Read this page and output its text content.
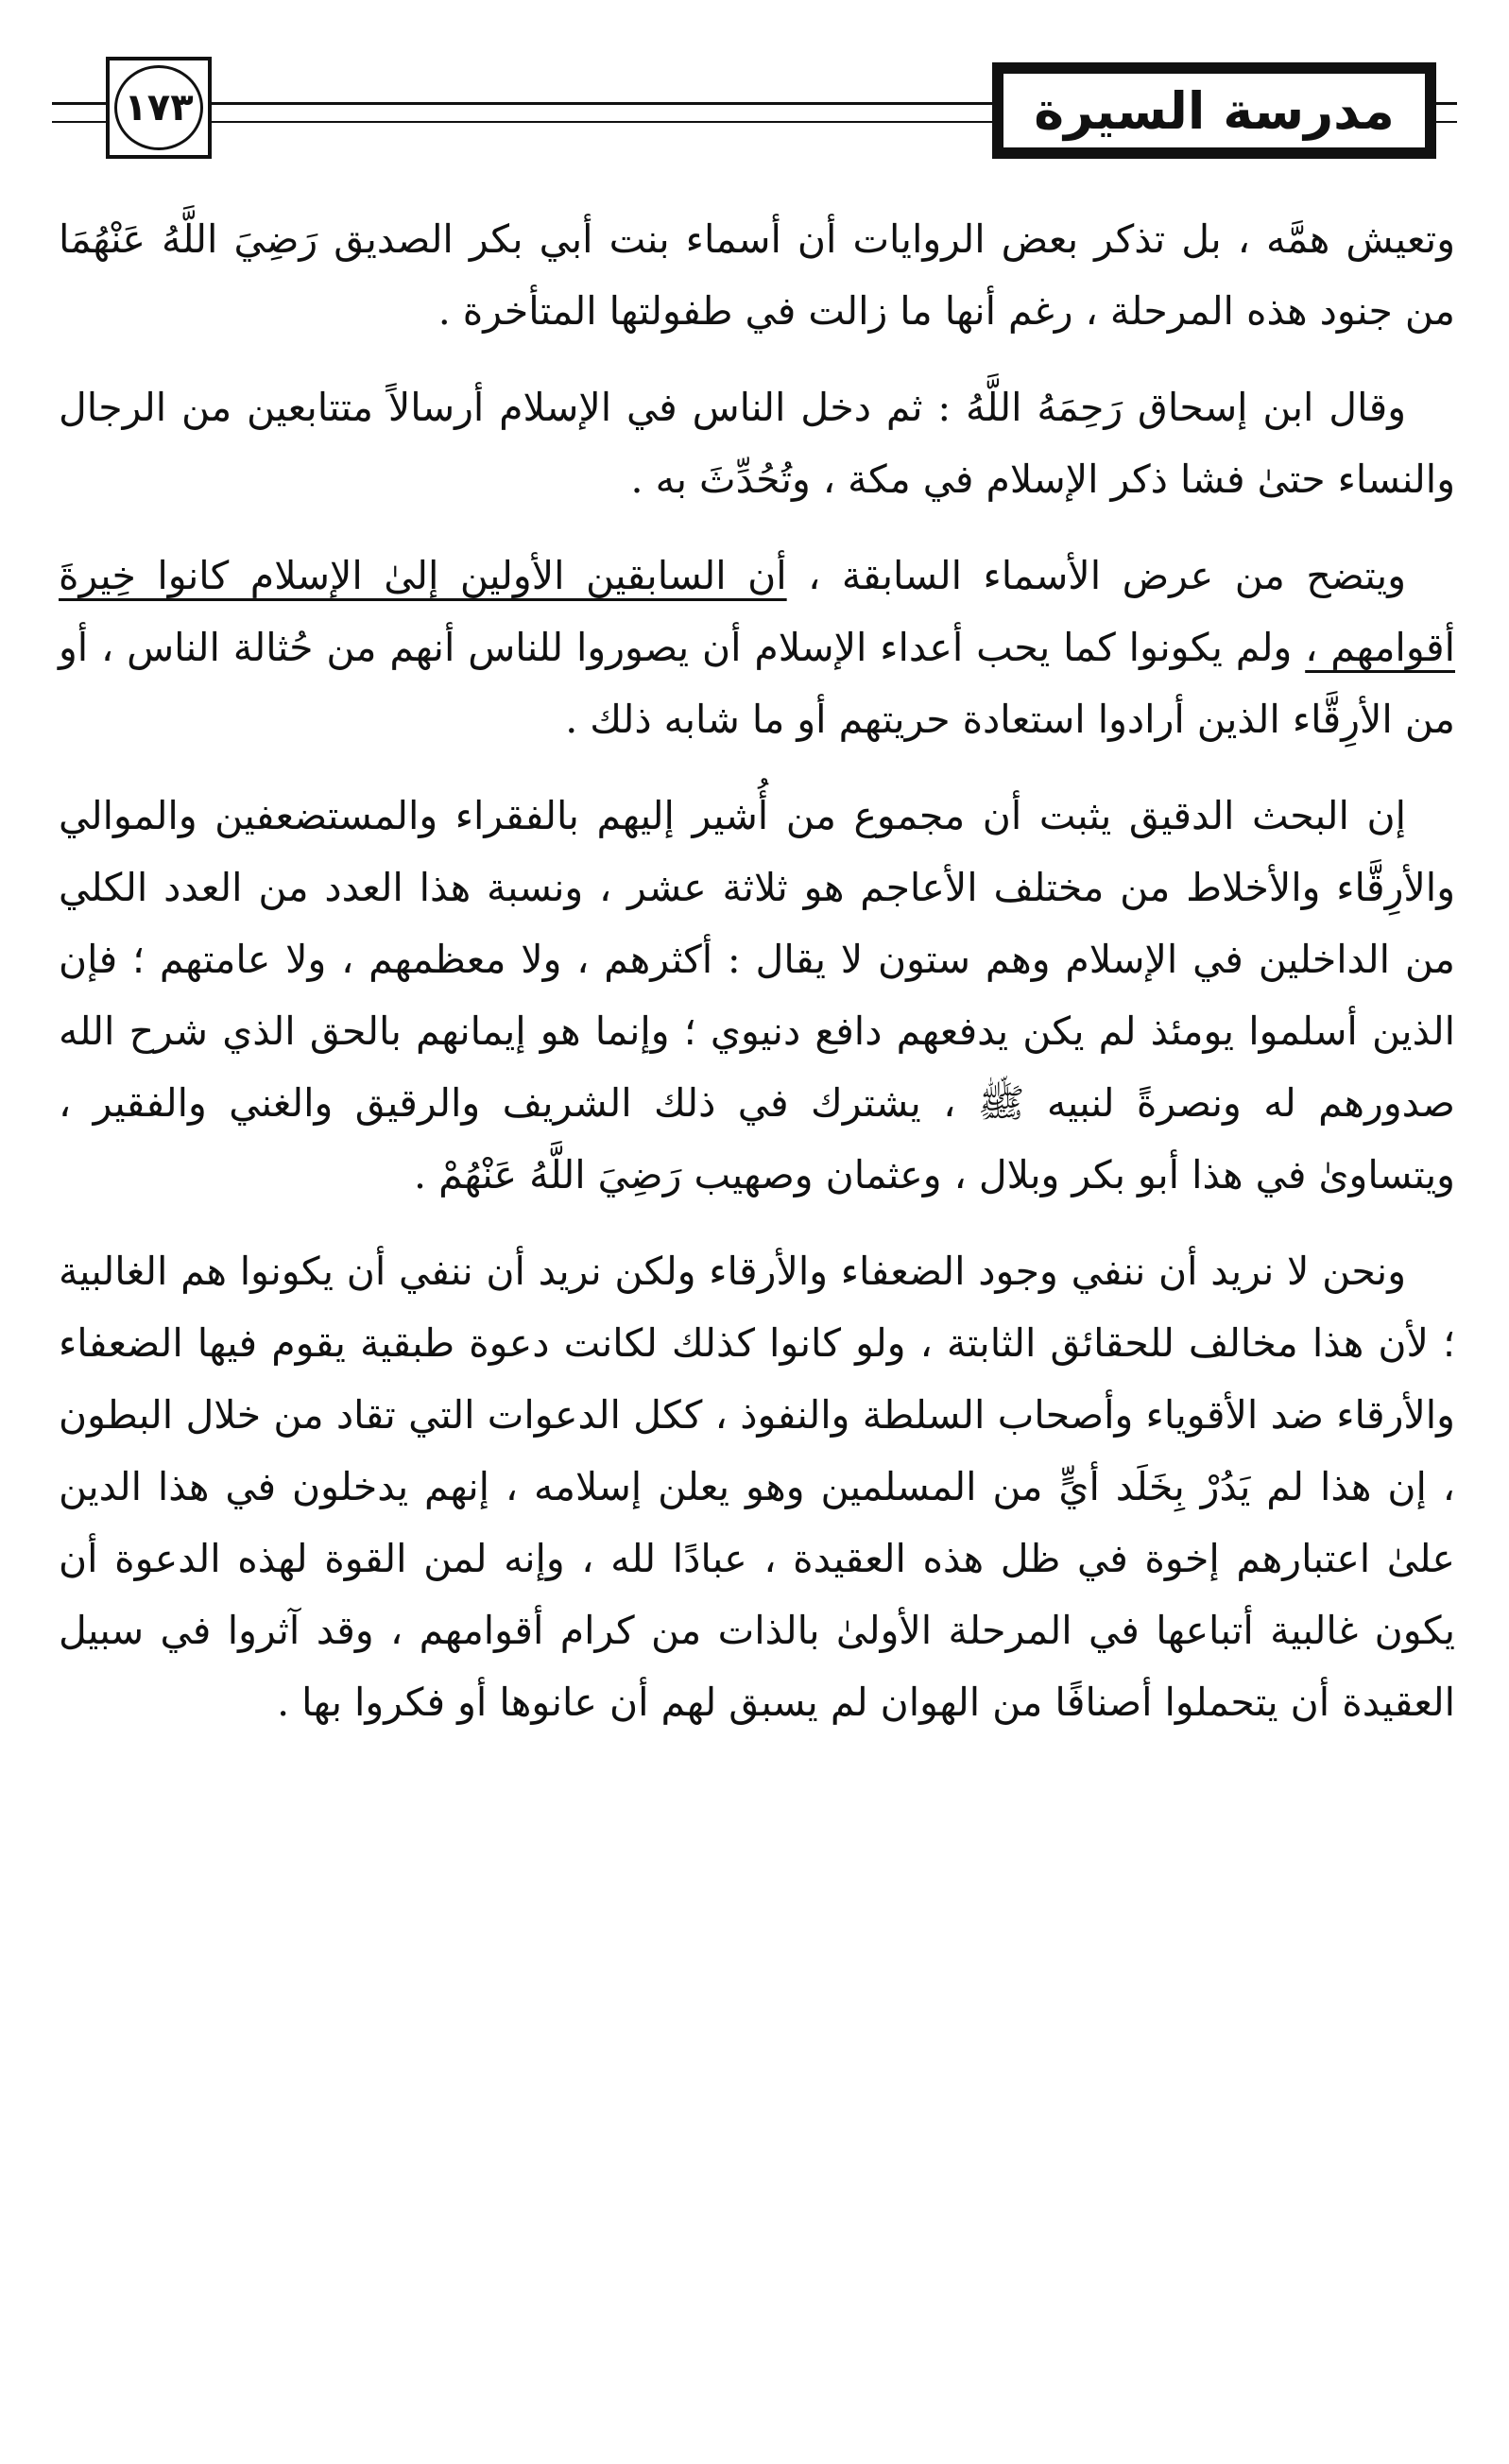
١٧٣	مدرسة السيرة

وتعيش همَّه ، بل تذكر بعض الروايات أن أسماء بنت أبي بكر الصديق رَضِيَ اللَّهُ عَنْهُمَا من جنود هذه المرحلة ، رغم أنها ما زالت في طفولتها المتأخرة .

وقال ابن إسحاق رَحِمَهُ اللَّهُ : ثم دخل الناس في الإسلام أرسالاً متتابعين من الرجال والنساء حتىٰ فشا ذكر الإسلام في مكة ، وتُحُدِّثَ به .

ويتضح من عرض الأسماء السابقة ، أن السابقين الأولين إلىٰ الإسلام كانوا خِيرةَ أقوامهم ، ولم يكونوا كما يحب أعداء الإسلام أن يصوروا للناس أنهم من حُثالة الناس ، أو من الأرِقَّاء الذين أرادوا استعادة حريتهم أو ما شابه ذلك .

إن البحث الدقيق يثبت أن مجموع من أُشير إليهم بالفقراء والمستضعفين والموالي والأرِقَّاء والأخلاط من مختلف الأعاجم هو ثلاثة عشر ، ونسبة هذا العدد من العدد الكلي من الداخلين في الإسلام وهم ستون لا يقال : أكثرهم ، ولا معظمهم ، ولا عامتهم ؛ فإن الذين أسلموا يومئذ لم يكن يدفعهم دافع دنيوي ؛ وإنما هو إيمانهم بالحق الذي شرح الله صدورهم له ونصرةً لنبيه ﷺ ، يشترك في ذلك الشريف والرقيق والغني والفقير ، ويتساوىٰ في هذا أبو بكر وبلال ، وعثمان وصهيب رَضِيَ اللَّهُ عَنْهُمْ .

ونحن لا نريد أن ننفي وجود الضعفاء والأرقاء ولكن نريد أن ننفي أن يكونوا هم الغالبية ؛ لأن هذا مخالف للحقائق الثابتة ، ولو كانوا كذلك لكانت دعوة طبقية يقوم فيها الضعفاء والأرقاء ضد الأقوياء وأصحاب السلطة والنفوذ ، ككل الدعوات التي تقاد من خلال البطون ، إن هذا لم يَدُرْ بِخَلَد أيٍّ من المسلمين وهو يعلن إسلامه ، إنهم يدخلون في هذا الدين علىٰ اعتبارهم إخوة في ظل هذه العقيدة ، عبادًا لله ، وإنه لمن القوة لهذه الدعوة أن يكون غالبية أتباعها في المرحلة الأولىٰ بالذات من كرام أقوامهم ، وقد آثروا في سبيل العقيدة أن يتحملوا أصنافًا من الهوان لم يسبق لهم أن عانوها أو فكروا بها .
